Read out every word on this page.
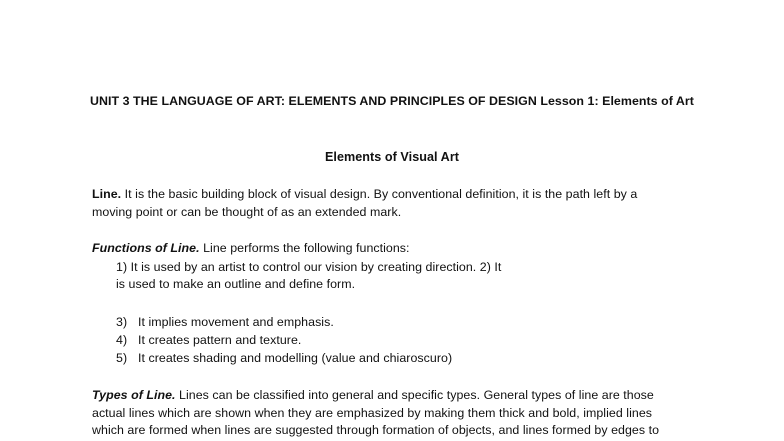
UNIT 3 THE LANGUAGE OF ART: ELEMENTS AND PRINCIPLES OF DESIGN Lesson 1: Elements of Art
Elements of Visual Art
Line. It is the basic building block of visual design. By conventional definition, it is the path left by a
moving point or can be thought of as an extended mark.
Functions of Line. Line performs the following functions:
1) It is used by an artist to control our vision by creating direction. 2) It
is used to make an outline and define form.
3) It implies movement and emphasis.
4) It creates pattern and texture.
5) It creates shading and modelling (value and chiaroscuro)
Types of Line. Lines can be classified into general and specific types. General types of line are those
actual lines which are shown when they are emphasized by making them thick and bold, implied lines
which are formed when lines are suggested through formation of objects, and lines formed by edges to
